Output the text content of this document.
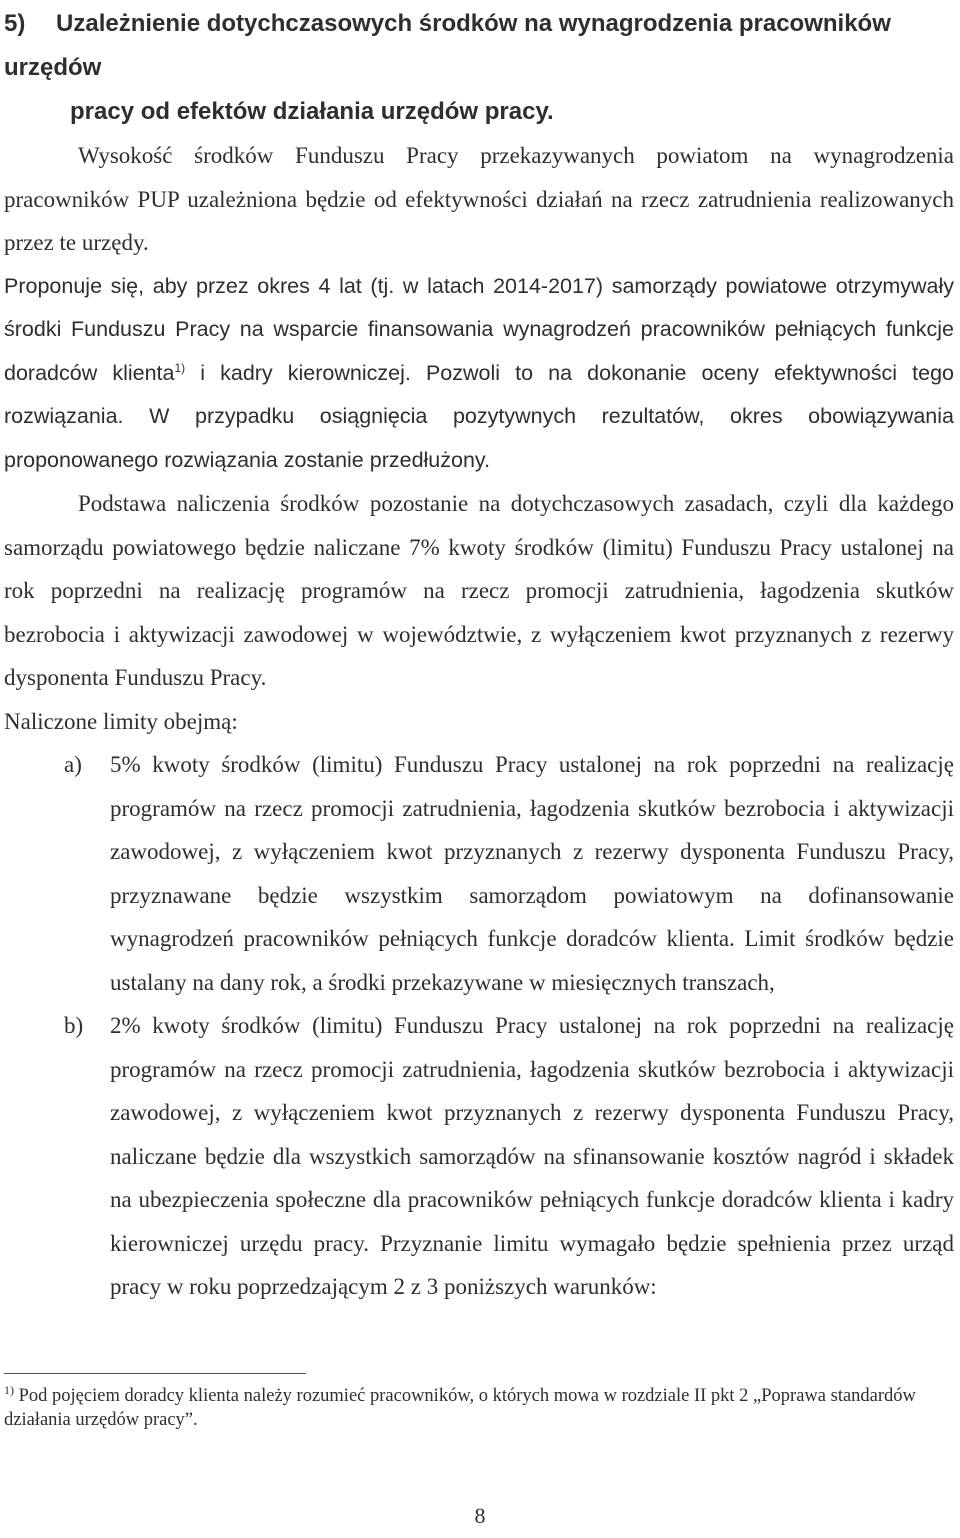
5) Uzależnienie dotychczasowych środków na wynagrodzenia pracowników urzędów
pracy od efektów działania urzędów pracy.

Wysokość środków Funduszu Pracy przekazywanych powiatom na wynagrodzenia pracowników PUP uzależniona będzie od efektywności działań na rzecz zatrudnienia realizowanych przez te urzędy.

Proponuje się, aby przez okres 4 lat (tj. w latach 2014-2017) samorządy powiatowe otrzymywały środki Funduszu Pracy na wsparcie finansowania wynagrodzeń pracowników pełniących funkcje doradców klienta$^{1)}$ i kadry kierowniczej. Pozwoli to na dokonanie oceny efektywności tego rozwiązania. W przypadku osiągnięcia pozytywnych rezultatów, okres obowiązywania proponowanego rozwiązania zostanie przedłużony.

Podstawa naliczenia środków pozostanie na dotychczasowych zasadach, czyli dla każdego samorządu powiatowego będzie naliczane 7% kwoty środków (limitu) Funduszu Pracy ustalonej na rok poprzedni na realizację programów na rzecz promocji zatrudnienia, łagodzenia skutków bezrobocia i aktywizacji zawodowej w województwie, z wyłączeniem kwot przyznanych z rezerwy dysponenta Funduszu Pracy.

Naliczone limity obejmą:

a) 5% kwoty środków (limitu) Funduszu Pracy ustalonej na rok poprzedni na realizację programów na rzecz promocji zatrudnienia, łagodzenia skutków bezrobocia i aktywizacji zawodowej, z wyłączeniem kwot przyznanych z rezerwy dysponenta Funduszu Pracy, przyznawane będzie wszystkim samorządom powiatowym na dofinansowanie wynagrodzeń pracowników pełniących funkcje doradców klienta. Limit środków będzie ustalany na dany rok, a środki przekazywane w miesięcznych transzach,
b) 2% kwoty środków (limitu) Funduszu Pracy ustalonej na rok poprzedni na realizację programów na rzecz promocji zatrudnienia, łagodzenia skutków bezrobocia i aktywizacji zawodowej, z wyłączeniem kwot przyznanych z rezerwy dysponenta Funduszu Pracy, naliczane będzie dla wszystkich samorządów na sfinansowanie kosztów nagród i składek na ubezpieczenia społeczne dla pracowników pełniących funkcje doradców klienta i kadry kierowniczej urzędu pracy. Przyznanie limitu wymagało będzie spełnienia przez urząd pracy w roku poprzedzającym 2 z 3 poniższych warunków:
$^{1)}$ Pod pojęciem doradcy klienta należy rozumieć pracowników, o których mowa w rozdziale II pkt 2 „Poprawa standardów działania urzędów pracy”.
8
